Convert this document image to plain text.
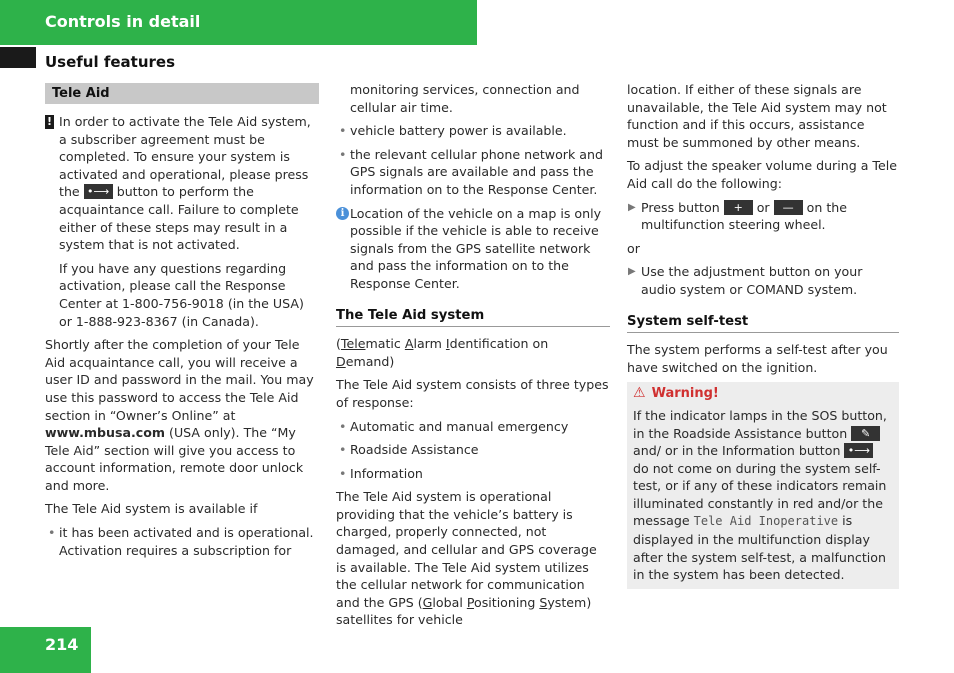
Controls in detail
Useful features
Tele Aid
! In order to activate the Tele Aid system, a subscriber agreement must be completed. To ensure your system is activated and operational, please press the •⟶ button to perform the acquaintance call. Failure to complete either of these steps may result in a system that is not activated.

If you have any questions regarding activation, please call the Response Center at 1-800-756-9018 (in the USA) or 1-888-923-8367 (in Canada).

Shortly after the completion of your Tele Aid acquaintance call, you will receive a user ID and password in the mail. You may use this password to access the Tele Aid section in “Owner’s Online” at www.mbusa.com (USA only). The “My Tele Aid” section will give you access to account information, remote door unlock and more.

The Tele Aid system is available if

• it has been activated and is operational. Activation requires a subscription for
monitoring services, connection and cellular air time.
• vehicle battery power is available.
• the relevant cellular phone network and GPS signals are available and pass the information on to the Response Center.
i Location of the vehicle on a map is only possible if the vehicle is able to receive signals from the GPS satellite network and pass the information on to the Response Center.
The Tele Aid system

(Telematic Alarm Identification on Demand)

The Tele Aid system consists of three types of response:

• Automatic and manual emergency
• Roadside Assistance
• Information

The Tele Aid system is operational providing that the vehicle’s battery is charged, properly connected, not damaged, and cellular and GPS coverage is available. The Tele Aid system utilizes the cellular network for communication and the GPS (Global Positioning System) satellites for vehicle

location. If either of these signals are unavailable, the Tele Aid system may not function and if this occurs, assistance must be summoned by other means.

To adjust the speaker volume during a Tele Aid call do the following:

▶ Press button	+	or	—	on the multifunction steering wheel.

or

▶ Use the adjustment button on your audio system or COMAND system.
System self-test

The system performs a self-test after you have switched on the ignition.

⚠ Warning!
If the indicator lamps in the SOS button, in the Roadside Assistance button	✎
and/ or in the Information button •⟶
do not come on during the system self-test, or if any of these indicators remain illuminated constantly in red and/or the message Tele Aid Inoperative is displayed in the multifunction display after the system self-test, a malfunction in the system has been detected.
214
